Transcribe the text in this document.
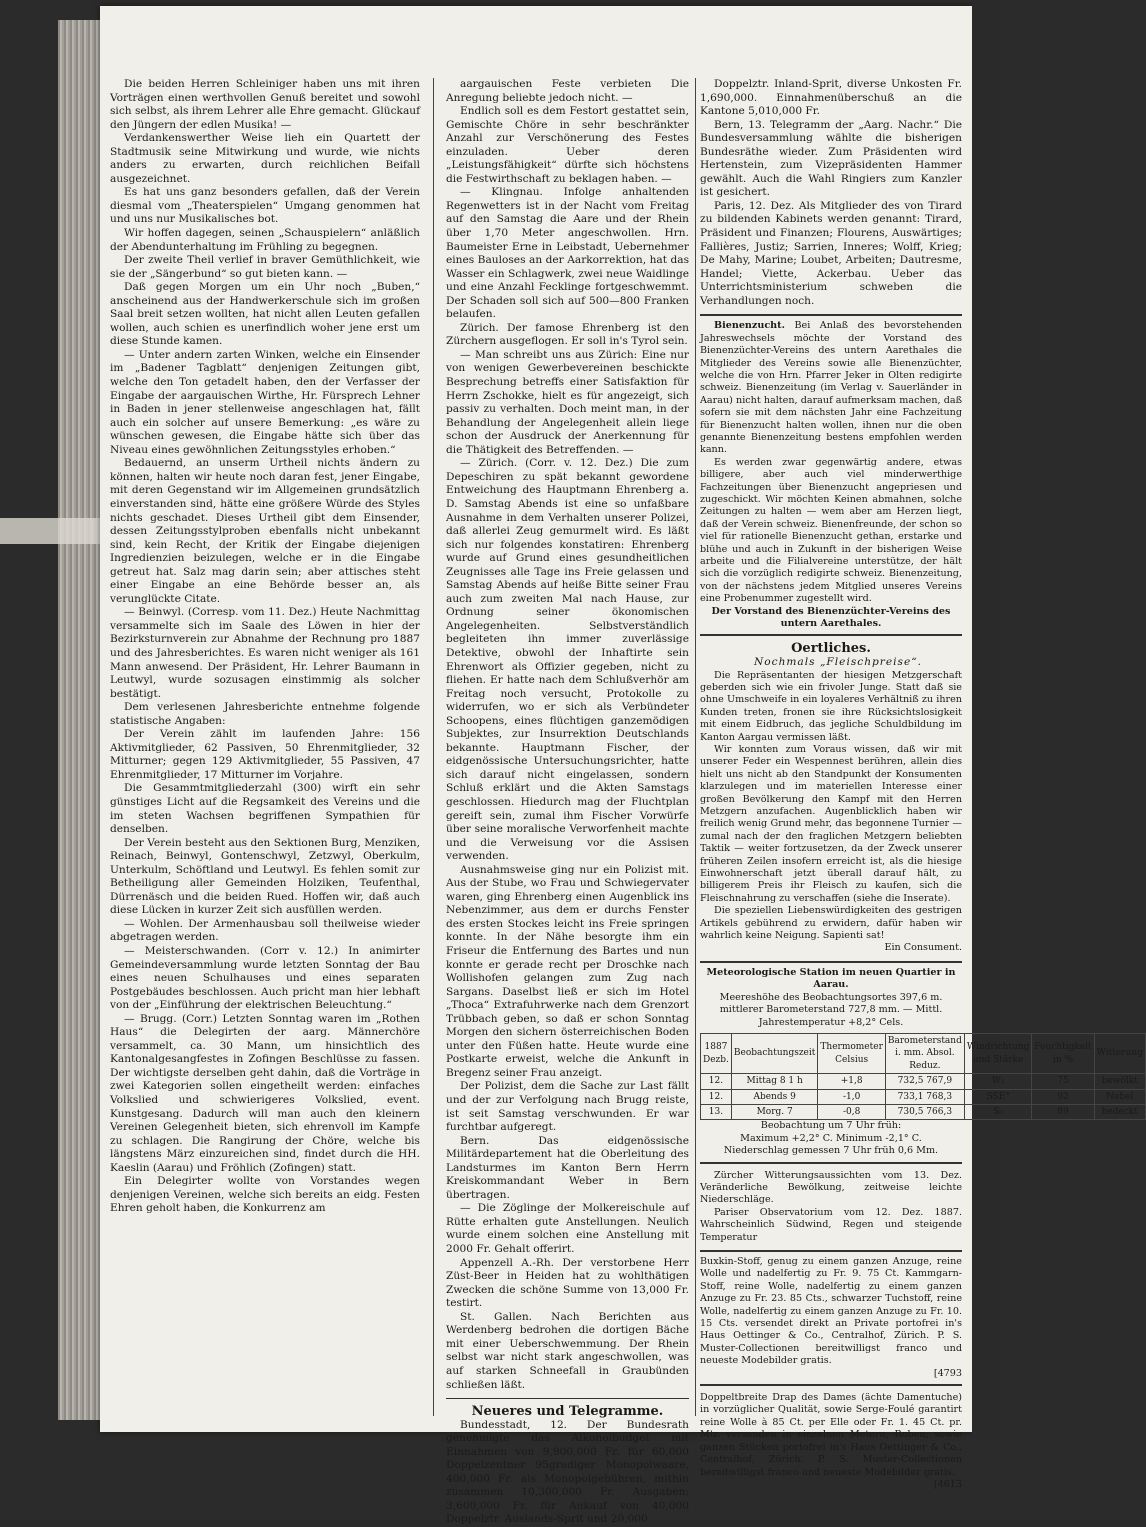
Die beiden Herren Schleiniger haben uns mit ihren Vorträgen einen werthvollen Genuß bereitet und sowohl sich selbst, als ihrem Lehrer alle Ehre gemacht. Glückauf den Jüngern der edlen Musika! —

Verdankenswerther Weise lieh ein Quartett der Stadtmusik seine Mitwirkung und wurde, wie nichts anders zu erwarten, durch reichlichen Beifall ausgezeichnet.

Es hat uns ganz besonders gefallen, daß der Verein diesmal vom „Theaterspielen“ Umgang genommen hat und uns nur Musikalisches bot.

Wir hoffen dagegen, seinen „Schauspielern“ anläßlich der Abendunterhaltung im Frühling zu begegnen.

Der zweite Theil verlief in braver Gemüthlichkeit, wie sie der „Sängerbund“ so gut bieten kann. —

Daß gegen Morgen um ein Uhr noch „Buben,“ anscheinend aus der Handwerkerschule sich im großen Saal breit setzen wollten, hat nicht allen Leuten gefallen wollen, auch schien es unerfindlich woher jene erst um diese Stunde kamen.

— Unter andern zarten Winken, welche ein Einsender im „Badener Tagblatt“ denjenigen Zeitungen gibt, welche den Ton getadelt haben, den der Verfasser der Eingabe der aargauischen Wirthe, Hr. Fürsprech Lehner in Baden in jener stellenweise angeschlagen hat, fällt auch ein solcher auf unsere Bemerkung: „es wäre zu wünschen gewesen, die Eingabe hätte sich über das Niveau eines gewöhnlichen Zeitungsstyles erhoben.“

Bedauernd, an unserm Urtheil nichts ändern zu können, halten wir heute noch daran fest, jener Eingabe, mit deren Gegenstand wir im Allgemeinen grundsätzlich einverstanden sind, hätte eine größere Würde des Styles nichts geschadet. Dieses Urtheil gibt dem Einsender, dessen Zeitungsstylproben ebenfalls nicht unbekannt sind, kein Recht, der Kritik der Eingabe diejenigen Ingredienzien beizulegen, welche er in die Eingabe getreut hat. Salz mag darin sein; aber attisches steht einer Eingabe an eine Behörde besser an, als verunglückte Citate.

— Beinwyl. (Corresp. vom 11. Dez.) Heute Nachmittag versammelte sich im Saale des Löwen in hier der Bezirksturnverein zur Abnahme der Rechnung pro 1887 und des Jahresberichtes. Es waren nicht weniger als 161 Mann anwesend. Der Präsident, Hr. Lehrer Baumann in Leutwyl, wurde sozusagen einstimmig als solcher bestätigt.

Dem verlesenen Jahresberichte entnehme folgende statistische Angaben:

Der Verein zählt im laufenden Jahre: 156 Aktivmitglieder, 62 Passiven, 50 Ehrenmitglieder, 32 Mitturner; gegen 129 Aktivmitglieder, 55 Passiven, 47 Ehrenmitglieder, 17 Mitturner im Vorjahre.

Die Gesammtmitgliederzahl (300) wirft ein sehr günstiges Licht auf die Regsamkeit des Vereins und die im steten Wachsen begriffenen Sympathien für denselben.

Der Verein besteht aus den Sektionen Burg, Menziken, Reinach, Beinwyl, Gontenschwyl, Zetzwyl, Oberkulm, Unterkulm, Schöftland und Leutwyl. Es fehlen somit zur Betheiligung aller Gemeinden Holziken, Teufenthal, Dürrenäsch und die beiden Rued. Hoffen wir, daß auch diese Lücken in kurzer Zeit sich ausfüllen werden.

— Wohlen. Der Armenhausbau soll theilweise wieder abgetragen werden.

— Meisterschwanden. (Corr v. 12.) In animirter Gemeindeversammlung wurde letzten Sonntag der Bau eines neuen Schulhauses und eines separaten Postgebäudes beschlossen. Auch pricht man hier lebhaft von der „Einführung der elektrischen Beleuchtung.“

— Brugg. (Corr.) Letzten Sonntag waren im „Rothen Haus“ die Delegirten der aarg. Männerchöre versammelt, ca. 30 Mann, um hinsichtlich des Kantonalgesangfestes in Zofingen Beschlüsse zu fassen. Der wichtigste derselben geht dahin, daß die Vorträge in zwei Kategorien sollen eingetheilt werden: einfaches Volkslied und schwierigeres Volkslied, event. Kunstgesang. Dadurch will man auch den kleinern Vereinen Gelegenheit bieten, sich ehrenvoll im Kampfe zu schlagen. Die Rangirung der Chöre, welche bis längstens März einzureichen sind, findet durch die HH. Kaeslin (Aarau) und Fröhlich (Zofingen) statt.

Ein Delegirter wollte von Vorstandes wegen denjenigen Vereinen, welche sich bereits an eidg. Festen Ehren geholt haben, die Konkurrenz am

aargauischen Feste verbieten Die Anregung beliebte jedoch nicht. —

Endlich soll es dem Festort gestattet sein, Gemischte Chöre in sehr beschränkter Anzahl zur Verschönerung des Festes einzuladen. Ueber deren „Leistungsfähigkeit“ dürfte sich höchstens die Festwirthschaft zu beklagen haben. —

— Klingnau. Infolge anhaltenden Regenwetters ist in der Nacht vom Freitag auf den Samstag die Aare und der Rhein über 1,70 Meter angeschwollen. Hrn. Baumeister Erne in Leibstadt, Uebernehmer eines Bauloses an der Aarkorrektion, hat das Wasser ein Schlagwerk, zwei neue Waidlinge und eine Anzahl Fecklinge fortgeschwemmt. Der Schaden soll sich auf 500—800 Franken belaufen.

Zürich. Der famose Ehrenberg ist den Zürchern ausgeflogen. Er soll in's Tyrol sein.

— Man schreibt uns aus Zürich: Eine nur von wenigen Gewerbevereinen beschickte Besprechung betreffs einer Satisfaktion für Herrn Zschokke, hielt es für angezeigt, sich passiv zu verhalten. Doch meint man, in der Behandlung der Angelegenheit allein liege schon der Ausdruck der Anerkennung für die Thätigkeit des Betreffenden. —

— Zürich. (Corr. v. 12. Dez.) Die zum Depeschiren zu spät bekannt gewordene Entweichung des Hauptmann Ehrenberg a. D. Samstag Abends ist eine so unfaßbare Ausnahme in dem Verhalten unserer Polizei, daß allerlei Zeug gemurmelt wird. Es läßt sich nur folgendes konstatiren: Ehrenberg wurde auf Grund eines gesundheitlichen Zeugnisses alle Tage ins Freie gelassen und Samstag Abends auf heiße Bitte seiner Frau auch zum zweiten Mal nach Hause, zur Ordnung seiner ökonomischen Angelegenheiten. Selbstverständlich begleiteten ihn immer zuverlässige Detektive, obwohl der Inhaftirte sein Ehrenwort als Offizier gegeben, nicht zu fliehen. Er hatte nach dem Schlußverhör am Freitag noch versucht, Protokolle zu widerrufen, wo er sich als Verbündeter Schoopens, eines flüchtigen ganzemödigen Subjektes, zur Insurrektion Deutschlands bekannte. Hauptmann Fischer, der eidgenössische Untersuchungsrichter, hatte sich darauf nicht eingelassen, sondern Schluß erklärt und die Akten Samstags geschlossen. Hiedurch mag der Fluchtplan gereift sein, zumal ihm Fischer Vorwürfe über seine moralische Verworfenheit machte und die Verweisung vor die Assisen verwenden.

Ausnahmsweise ging nur ein Polizist mit. Aus der Stube, wo Frau und Schwiegervater waren, ging Ehrenberg einen Augenblick ins Nebenzimmer, aus dem er durchs Fenster des ersten Stockes leicht ins Freie springen konnte. In der Nähe besorgte ihm ein Friseur die Entfernung des Bartes und nun konnte er gerade recht per Droschke nach Wollishofen gelangen zum Zug nach Sargans. Daselbst ließ er sich im Hotel „Thoca“ Extrafuhrwerke nach dem Grenzort Trübbach geben, so daß er schon Sonntag Morgen den sichern österreichischen Boden unter den Füßen hatte. Heute wurde eine Postkarte erweist, welche die Ankunft in Bregenz seiner Frau anzeigt.

Der Polizist, dem die Sache zur Last fällt und der zur Verfolgung nach Brugg reiste, ist seit Samstag verschwunden. Er war furchtbar aufgeregt.

Bern. Das eidgenössische Militärdepartement hat die Oberleitung des Landsturmes im Kanton Bern Herrn Kreiskommandant Weber in Bern übertragen.

— Die Zöglinge der Molkereischule auf Rütte erhalten gute Anstellungen. Neulich wurde einem solchen eine Anstellung mit 2000 Fr. Gehalt offerirt.

Appenzell A.-Rh. Der verstorbene Herr Züst-Beer in Heiden hat zu wohlthätigen Zwecken die schöne Summe von 13,000 Fr. testirt.

St. Gallen. Nach Berichten aus Werdenberg bedrohen die dortigen Bäche mit einer Ueberschwemmung. Der Rhein selbst war nicht stark angeschwollen, was auf starken Schneefall in Graubünden schließen läßt.

Neueres und Telegramme.

Bundesstadt, 12. Der Bundesrath genehmigte das Alkoholbudget mit Einnahmen von 9,900,000 Fr. für 60,000 Doppelzentner 95gradiger Monopolwaare, 400,000 Fr. als Monopolgebühren, mithin zusammen 10,300,000 Fr. Ausgaben: 3,600,000 Fr. für Ankauf von 40,000 Doppelztr. Auslands-Sprit und 20,000

Doppelztr. Inland-Sprit, diverse Unkosten Fr. 1,690,000. Einnahmenüberschuß an die Kantone 5,010,000 Fr.

Bern, 13. Telegramm der „Aarg. Nachr.“ Die Bundesversammlung wählte die bisherigen Bundesräthe wieder. Zum Präsidenten wird Hertenstein, zum Vizepräsidenten Hammer gewählt. Auch die Wahl Ringiers zum Kanzler ist gesichert.

Paris, 12. Dez. Als Mitglieder des von Tirard zu bildenden Kabinets werden genannt: Tirard, Präsident und Finanzen; Flourens, Auswärtiges; Fallières, Justiz; Sarrien, Inneres; Wolff, Krieg; De Mahy, Marine; Loubet, Arbeiten; Dautresme, Handel; Viette, Ackerbau. Ueber das Unterrichtsministerium schweben die Verhandlungen noch.

Bienenzucht. Bei Anlaß des bevorstehenden Jahreswechsels möchte der Vorstand des Bienenzüchter-Vereins des untern Aarethales die Mitglieder des Vereins sowie alle Bienenzüchter, welche die von Hrn. Pfarrer Jeker in Olten redigirte schweiz. Bienenzeitung (im Verlag v. Sauerländer in Aarau) nicht halten, darauf aufmerksam machen, daß sofern sie mit dem nächsten Jahr eine Fachzeitung für Bienenzucht halten wollen, ihnen nur die oben genannte Bienenzeitung bestens empfohlen werden kann.

Es werden zwar gegenwärtig andere, etwas billigere, aber auch viel minderwerthige Fachzeitungen über Bienenzucht angepriesen und zugeschickt. Wir möchten Keinen abmahnen, solche Zeitungen zu halten — wem aber am Herzen liegt, daß der Verein schweiz. Bienenfreunde, der schon so viel für rationelle Bienenzucht gethan, erstarke und blühe und auch in Zukunft in der bisherigen Weise arbeite und die Filialvereine unterstütze, der hält sich die vorzüglich redigirte schweiz. Bienenzeitung, von der nächstens jedem Mitglied unseres Vereins eine Probenummer zugestellt wird.

Der Vorstand des Bienenzüchter-Vereins des untern Aarethales.

Oertliches.

Nochmals „Fleischpreise“.

Die Repräsentanten der hiesigen Metzgerschaft geberden sich wie ein frivoler Junge. Statt daß sie ohne Umschweife in ein loyaleres Verhältniß zu ihren Kunden treten, fronen sie ihre Rücksichtslosigkeit mit einem Eidbruch, das jegliche Schuldbildung im Kanton Aargau vermissen läßt.

Wir konnten zum Voraus wissen, daß wir mit unserer Feder ein Wespennest berühren, allein dies hielt uns nicht ab den Standpunkt der Konsumenten klarzulegen und im materiellen Interesse einer großen Bevölkerung den Kampf mit den Herren Metzgern anzufachen. Augenblicklich haben wir freilich wenig Grund mehr, das begonnene Turnier — zumal nach der den fraglichen Metzgern beliebten Taktik — weiter fortzusetzen, da der Zweck unserer früheren Zeilen insofern erreicht ist, als die hiesige Einwohnerschaft jetzt überall darauf hält, zu billigerem Preis ihr Fleisch zu kaufen, sich die Fleischnahrung zu verschaffen (siehe die Inserate).

Die speziellen Liebenswürdigkeiten des gestrigen Artikels gebührend zu erwidern, dafür haben wir wahrlich keine Neigung. Sapienti sat!

Ein Consument.

Meteorologische Station im neuen Quartier in Aarau.

Meereshöhe des Beobachtungsortes 397,6 m. mittlerer Barometerstand 727,8 mm. — Mittl. Jahrestemperatur +8,2° Cels.

1887 Dezb.	Beobachtungszeit	Thermometer Celsius	Barometerstand i. mm. Absol. Reduz.	Windrichtung und Stärke	Feuchtigkeit in %	Witterung
12.	Mittag 8 1 h	+1,8	732,5 767,9	W₂	75	bewölkt
12.	Abends 9	-1,0	733,1 768,3	SSE°	92	Nebel
13.	Morg. 7	-0,8	730,5 766,3	S₀	89	bedeckt

Beobachtung um 7 Uhr früh:

Maximum +2,2° C. Minimum -2,1° C.

Niederschlag gemessen 7 Uhr früh 0,6 Mm.

Zürcher Witterungsaussichten vom 13. Dez. Veränderliche Bewölkung, zeitweise leichte Niederschläge.

Pariser Observatorium vom 12. Dez. 1887. Wahrscheinlich Südwind, Regen und steigende Temperatur

Buxkin-Stoff, genug zu einem ganzen Anzuge, reine Wolle und nadelfertig zu Fr. 9. 75 Ct. Kammgarn-Stoff, reine Wolle, nadelfertig zu einem ganzen Anzuge zu Fr. 23. 85 Cts., schwarzer Tuchstoff, reine Wolle, nadelfertig zu einem ganzen Anzuge zu Fr. 10. 15 Cts. versendet direkt an Private portofrei in's Haus Oettinger & Co., Centralhof, Zürich. P. S. Muster-Collectionen bereitwilligst franco und neueste Modebilder gratis.

[4793

Doppeltbreite Drap des Dames (ächte Damentuche) in vorzüglicher Qualität, sowie Serge-Foulé garantirt reine Wolle à 85 Ct. per Elle oder Fr. 1. 45 Ct. pr. Mtr. versenden in einzelnen Metern, Roben, sowie ganzen Stücken portofrei in's Haus Oettinger & Co., Centralhof, Zürich. P. S. Muster-Collectionen bereitwilligst franco und neueste Modebilder gratis.

[4613
